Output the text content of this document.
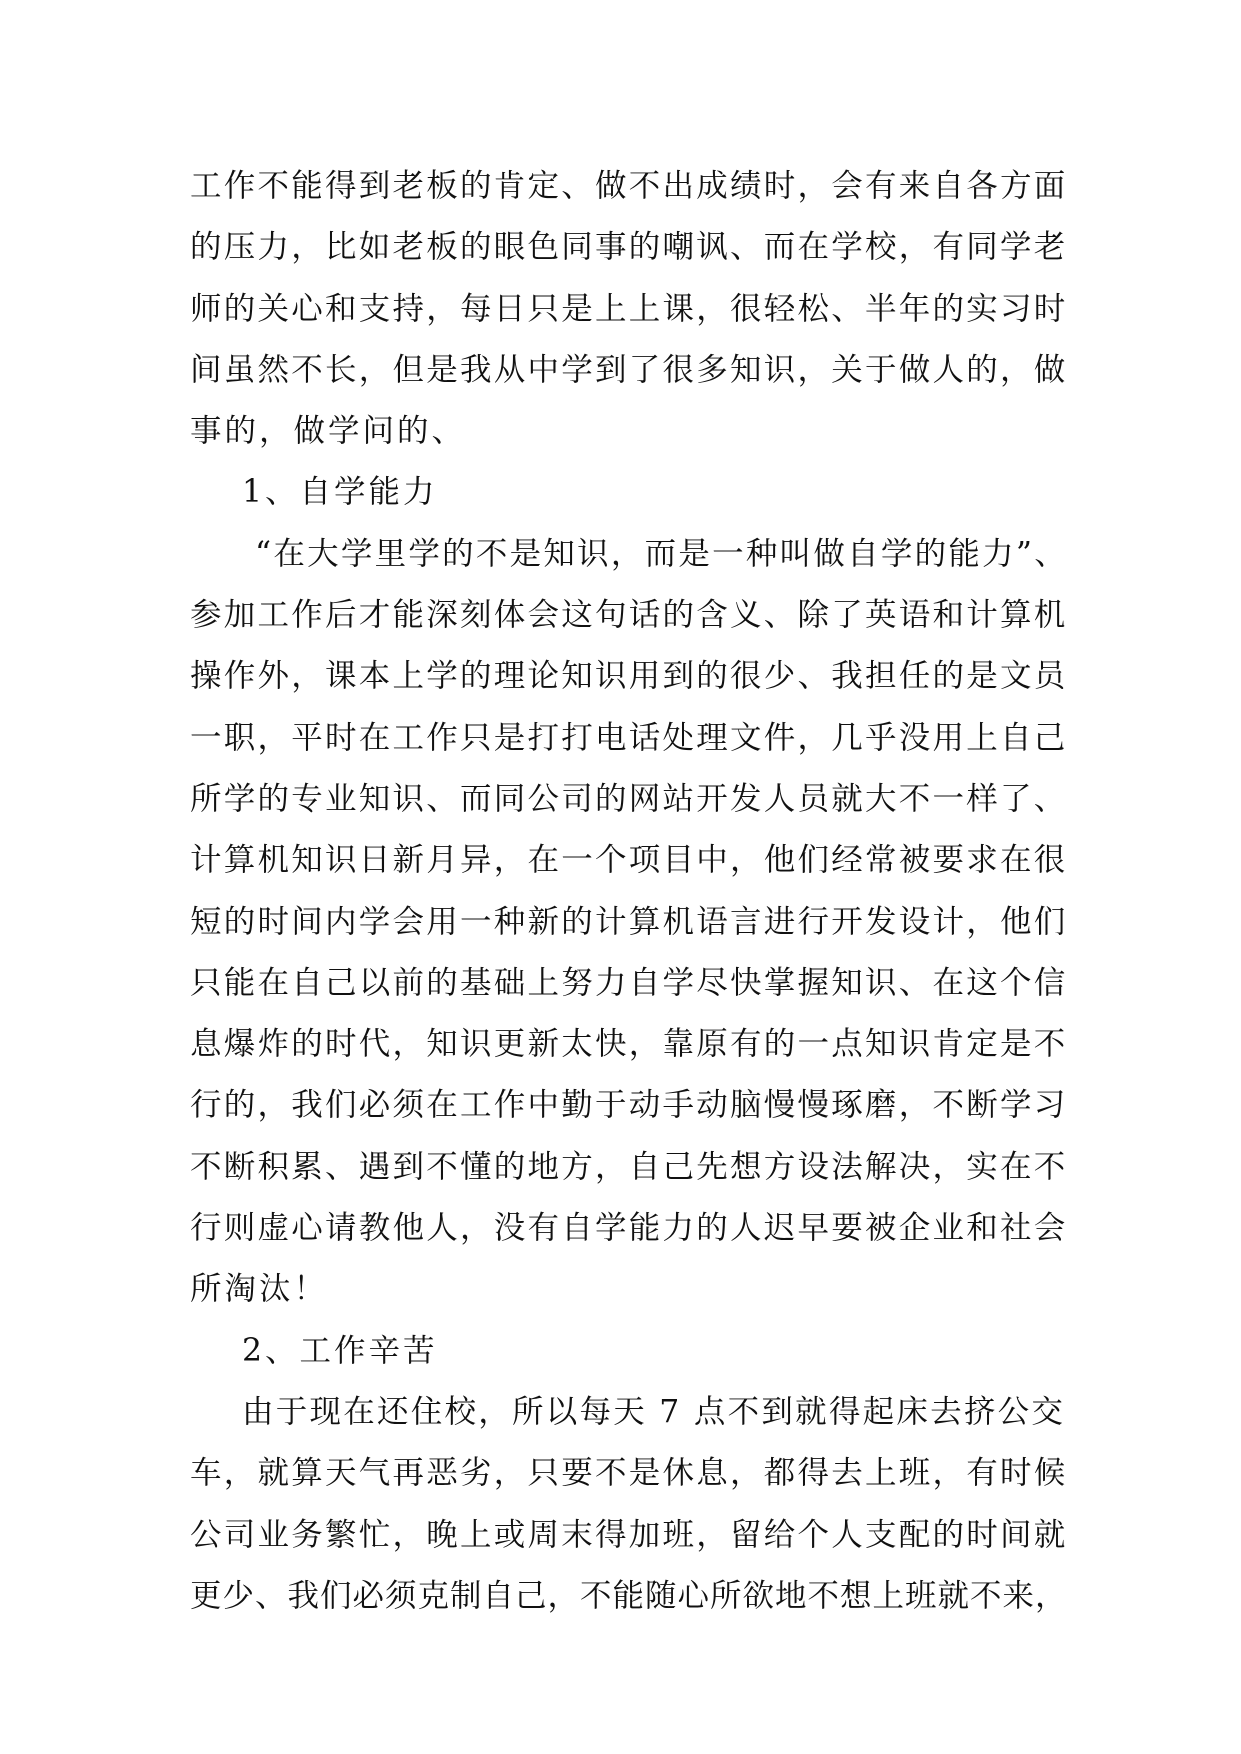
工作不能得到老板的肯定、做不出成绩时，会有来自各方面
的压力，比如老板的眼色同事的嘲讽、而在学校，有同学老
师的关心和支持，每日只是上上课，很轻松、半年的实习时
间虽然不长，但是我从中学到了很多知识，关于做人的，做
事的，做学问的、
1、自学能力
“在大学里学的不是知识，而是一种叫做自学的能力”、
参加工作后才能深刻体会这句话的含义、除了英语和计算机
操作外，课本上学的理论知识用到的很少、我担任的是文员
一职，平时在工作只是打打电话处理文件，几乎没用上自己
所学的专业知识、而同公司的网站开发人员就大不一样了、
计算机知识日新月异，在一个项目中，他们经常被要求在很
短的时间内学会用一种新的计算机语言进行开发设计，他们
只能在自己以前的基础上努力自学尽快掌握知识、在这个信
息爆炸的时代，知识更新太快，靠原有的一点知识肯定是不
行的，我们必须在工作中勤于动手动脑慢慢琢磨，不断学习
不断积累、遇到不懂的地方，自己先想方设法解决，实在不
行则虚心请教他人，没有自学能力的人迟早要被企业和社会
所淘汰！
2、工作辛苦
由于现在还住校，所以每天 7 点不到就得起床去挤公交
车，就算天气再恶劣，只要不是休息，都得去上班，有时候
公司业务繁忙，晚上或周末得加班，留给个人支配的时间就
更少、我们必须克制自己，不能随心所欲地不想上班就不来，
